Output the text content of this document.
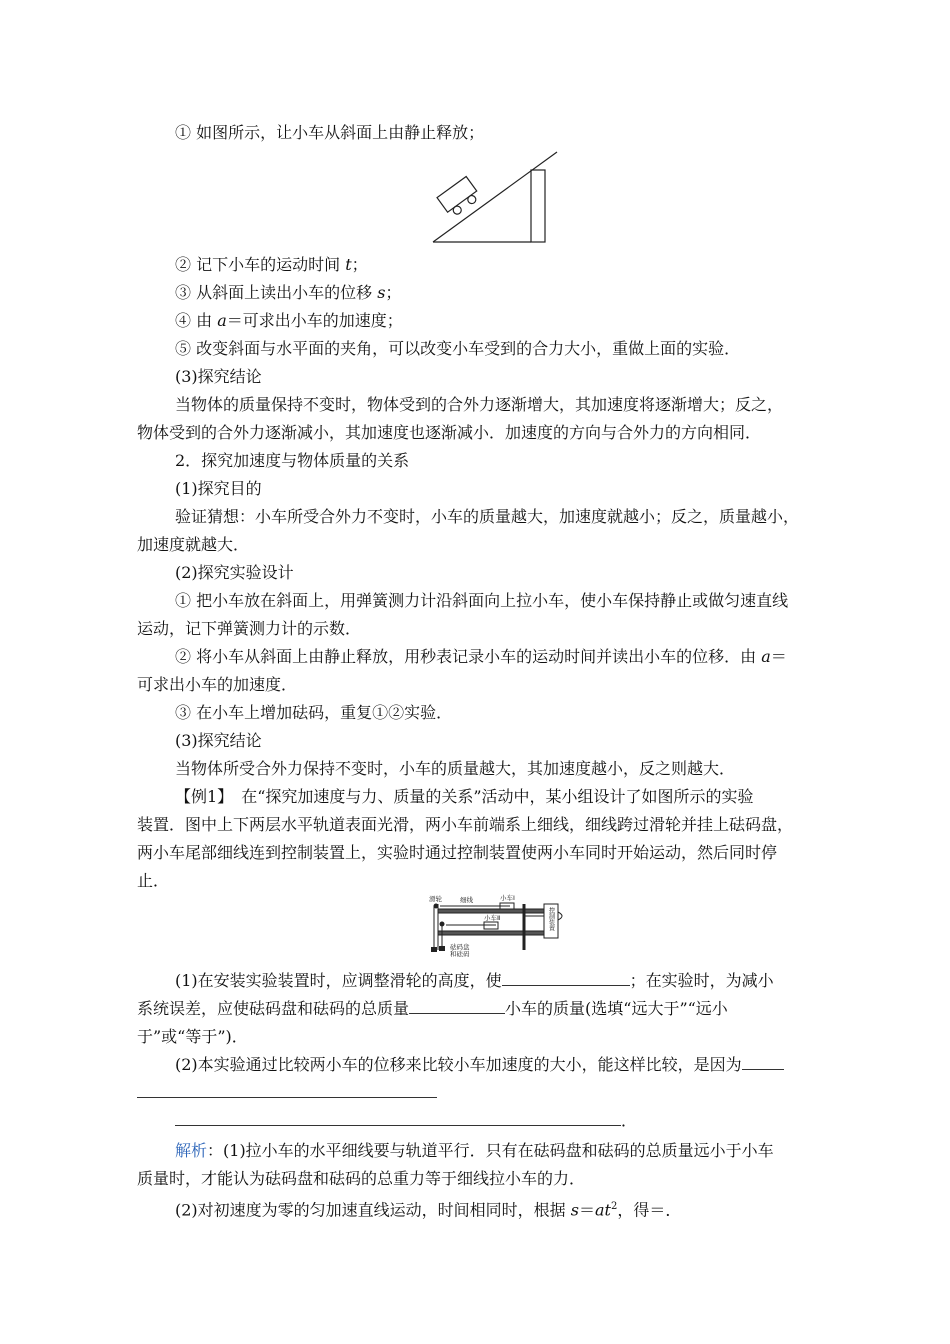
① 如图所示，让小车从斜面上由静止释放；
② 记下小车的运动时间 t；
③ 从斜面上读出小车的位移 s；
④ 由 a＝可求出小车的加速度；
⑤ 改变斜面与水平面的夹角，可以改变小车受到的合力大小，重做上面的实验．
(3)探究结论
当物体的质量保持不变时，物体受到的合外力逐渐增大，其加速度将逐渐增大；反之，
物体受到的合外力逐渐减小，其加速度也逐渐减小．加速度的方向与合外力的方向相同．
2．探究加速度与物体质量的关系
(1)探究目的
验证猜想：小车所受合外力不变时，小车的质量越大，加速度就越小；反之，质量越小，
加速度就越大．
(2)探究实验设计
① 把小车放在斜面上，用弹簧测力计沿斜面向上拉小车，使小车保持静止或做匀速直线
运动，记下弹簧测力计的示数．
② 将小车从斜面上由静止释放，用秒表记录小车的运动时间并读出小车的位移．由 a＝
可求出小车的加速度．
③ 在小车上增加砝码，重复①②实验．
(3)探究结论
当物体所受合外力保持不变时，小车的质量越大，其加速度越小，反之则越大．
【例1】　在“探究加速度与力、质量的关系”活动中，某小组设计了如图所示的实验
装置．图中上下两层水平轨道表面光滑，两小车前端系上细线，细线跨过滑轮并挂上砝码盘，
两小车尾部细线连到控制装置上，实验时通过控制装置使两小车同时开始运动，然后同时停
止．
滑轮	细线	小车Ⅰ
小车Ⅱ
砝码盘
和砝码
控制装置
(1)在安装实验装置时，应调整滑轮的高度，使	；在实验时，为减小
系统误差，应使砝码盘和砝码的总质量	小车的质量(选填“远大于”“远小
于”或“等于”)．
(2)本实验通过比较两小车的位移来比较小车加速度的大小，能这样比较，是因为
．
解析：(1)拉小车的水平细线要与轨道平行．只有在砝码盘和砝码的总质量远小于小车
质量时，才能认为砝码盘和砝码的总重力等于细线拉小车的力．
(2)对初速度为零的匀加速直线运动，时间相同时，根据 $s=at^2$，得＝．
